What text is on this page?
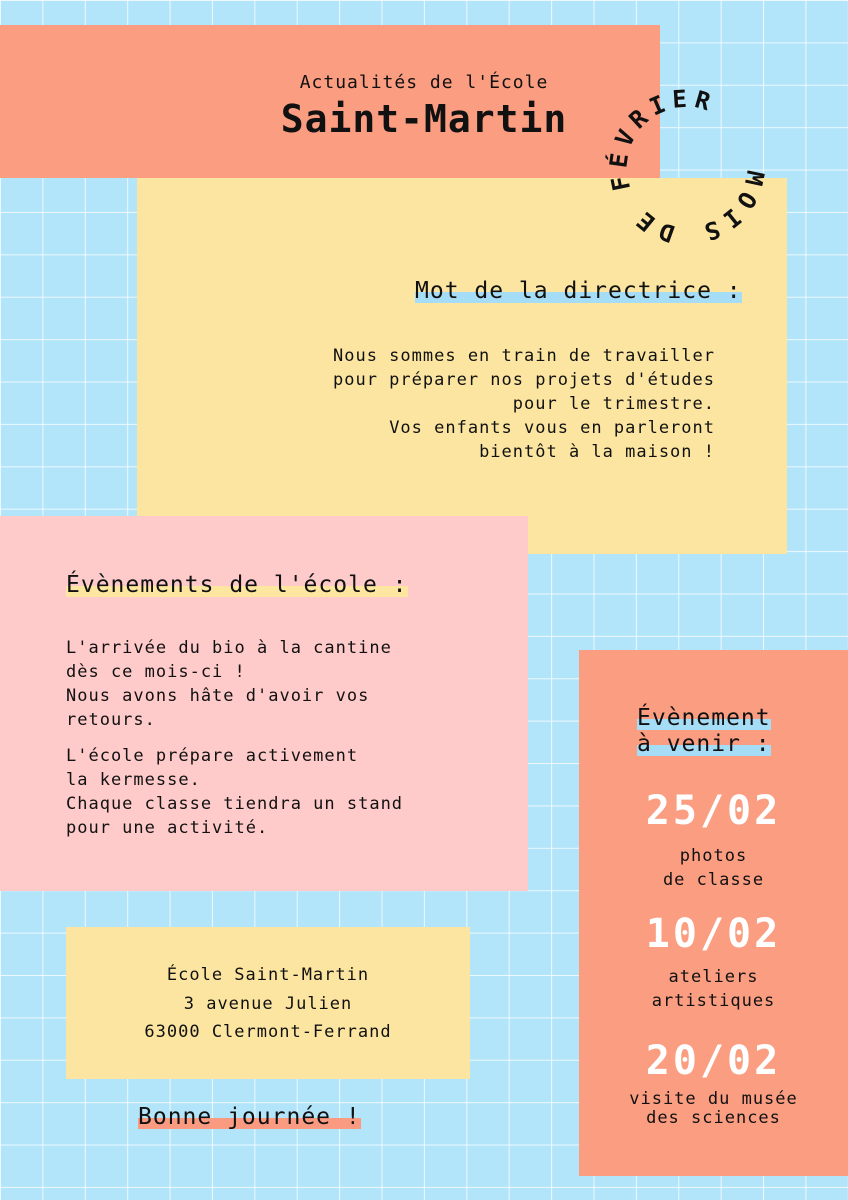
Actualités de l'École
Saint-Martin
MOIS DE FÉVRIER
Mot de la directrice :
Nous sommes en train de travailler
pour préparer nos projets d'études
pour le trimestre.
Vos enfants vous en parleront
bientôt à la maison !
Évènements de l'école :
L'arrivée du bio à la cantine
dès ce mois-ci !
Nous avons hâte d'avoir vos
retours.
L'école prépare activement
la kermesse.
Chaque classe tiendra un stand
pour une activité.
Évènement
à venir :
25/02
photos
de classe
10/02
ateliers
artistiques
20/02
visite du musée
des sciences
École Saint-Martin
3 avenue Julien
63000 Clermont-Ferrand
Bonne journée !
